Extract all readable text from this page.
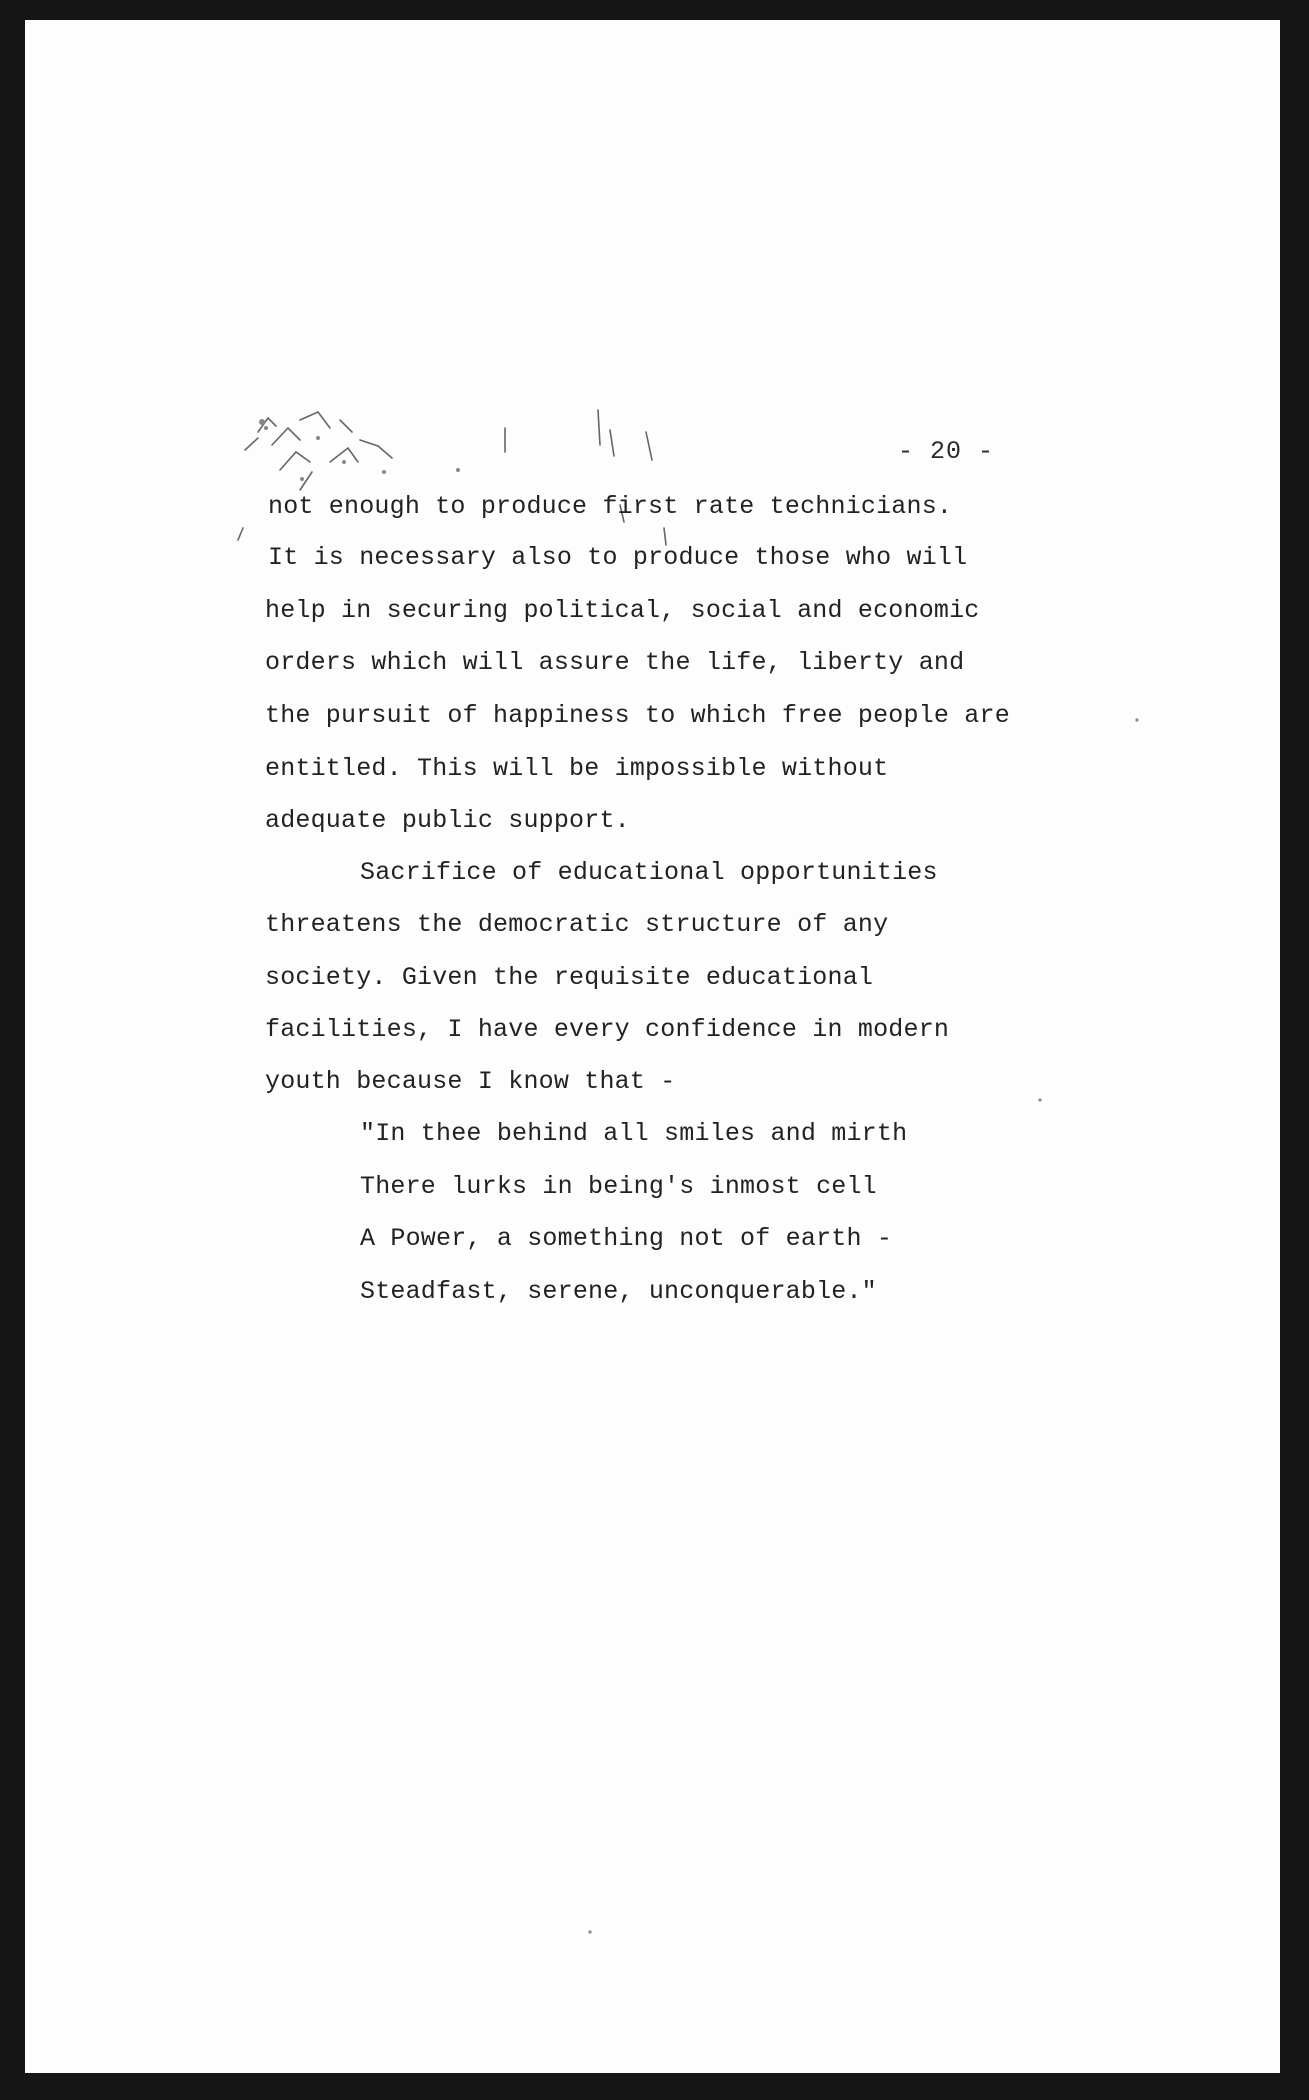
- 20 -
not enough to produce first rate technicians.
It is necessary also to produce those who will
help in securing political, social and economic
orders which will assure the life, liberty and
the pursuit of happiness to which free people are
entitled. This will be impossible without
adequate public support.
Sacrifice of educational opportunities
threatens the democratic structure of any
society. Given the requisite educational
facilities, I have every confidence in modern
youth because I know that -
"In thee behind all smiles and mirth
There lurks in being's inmost cell
A Power, a something not of earth -
Steadfast, serene, unconquerable."
